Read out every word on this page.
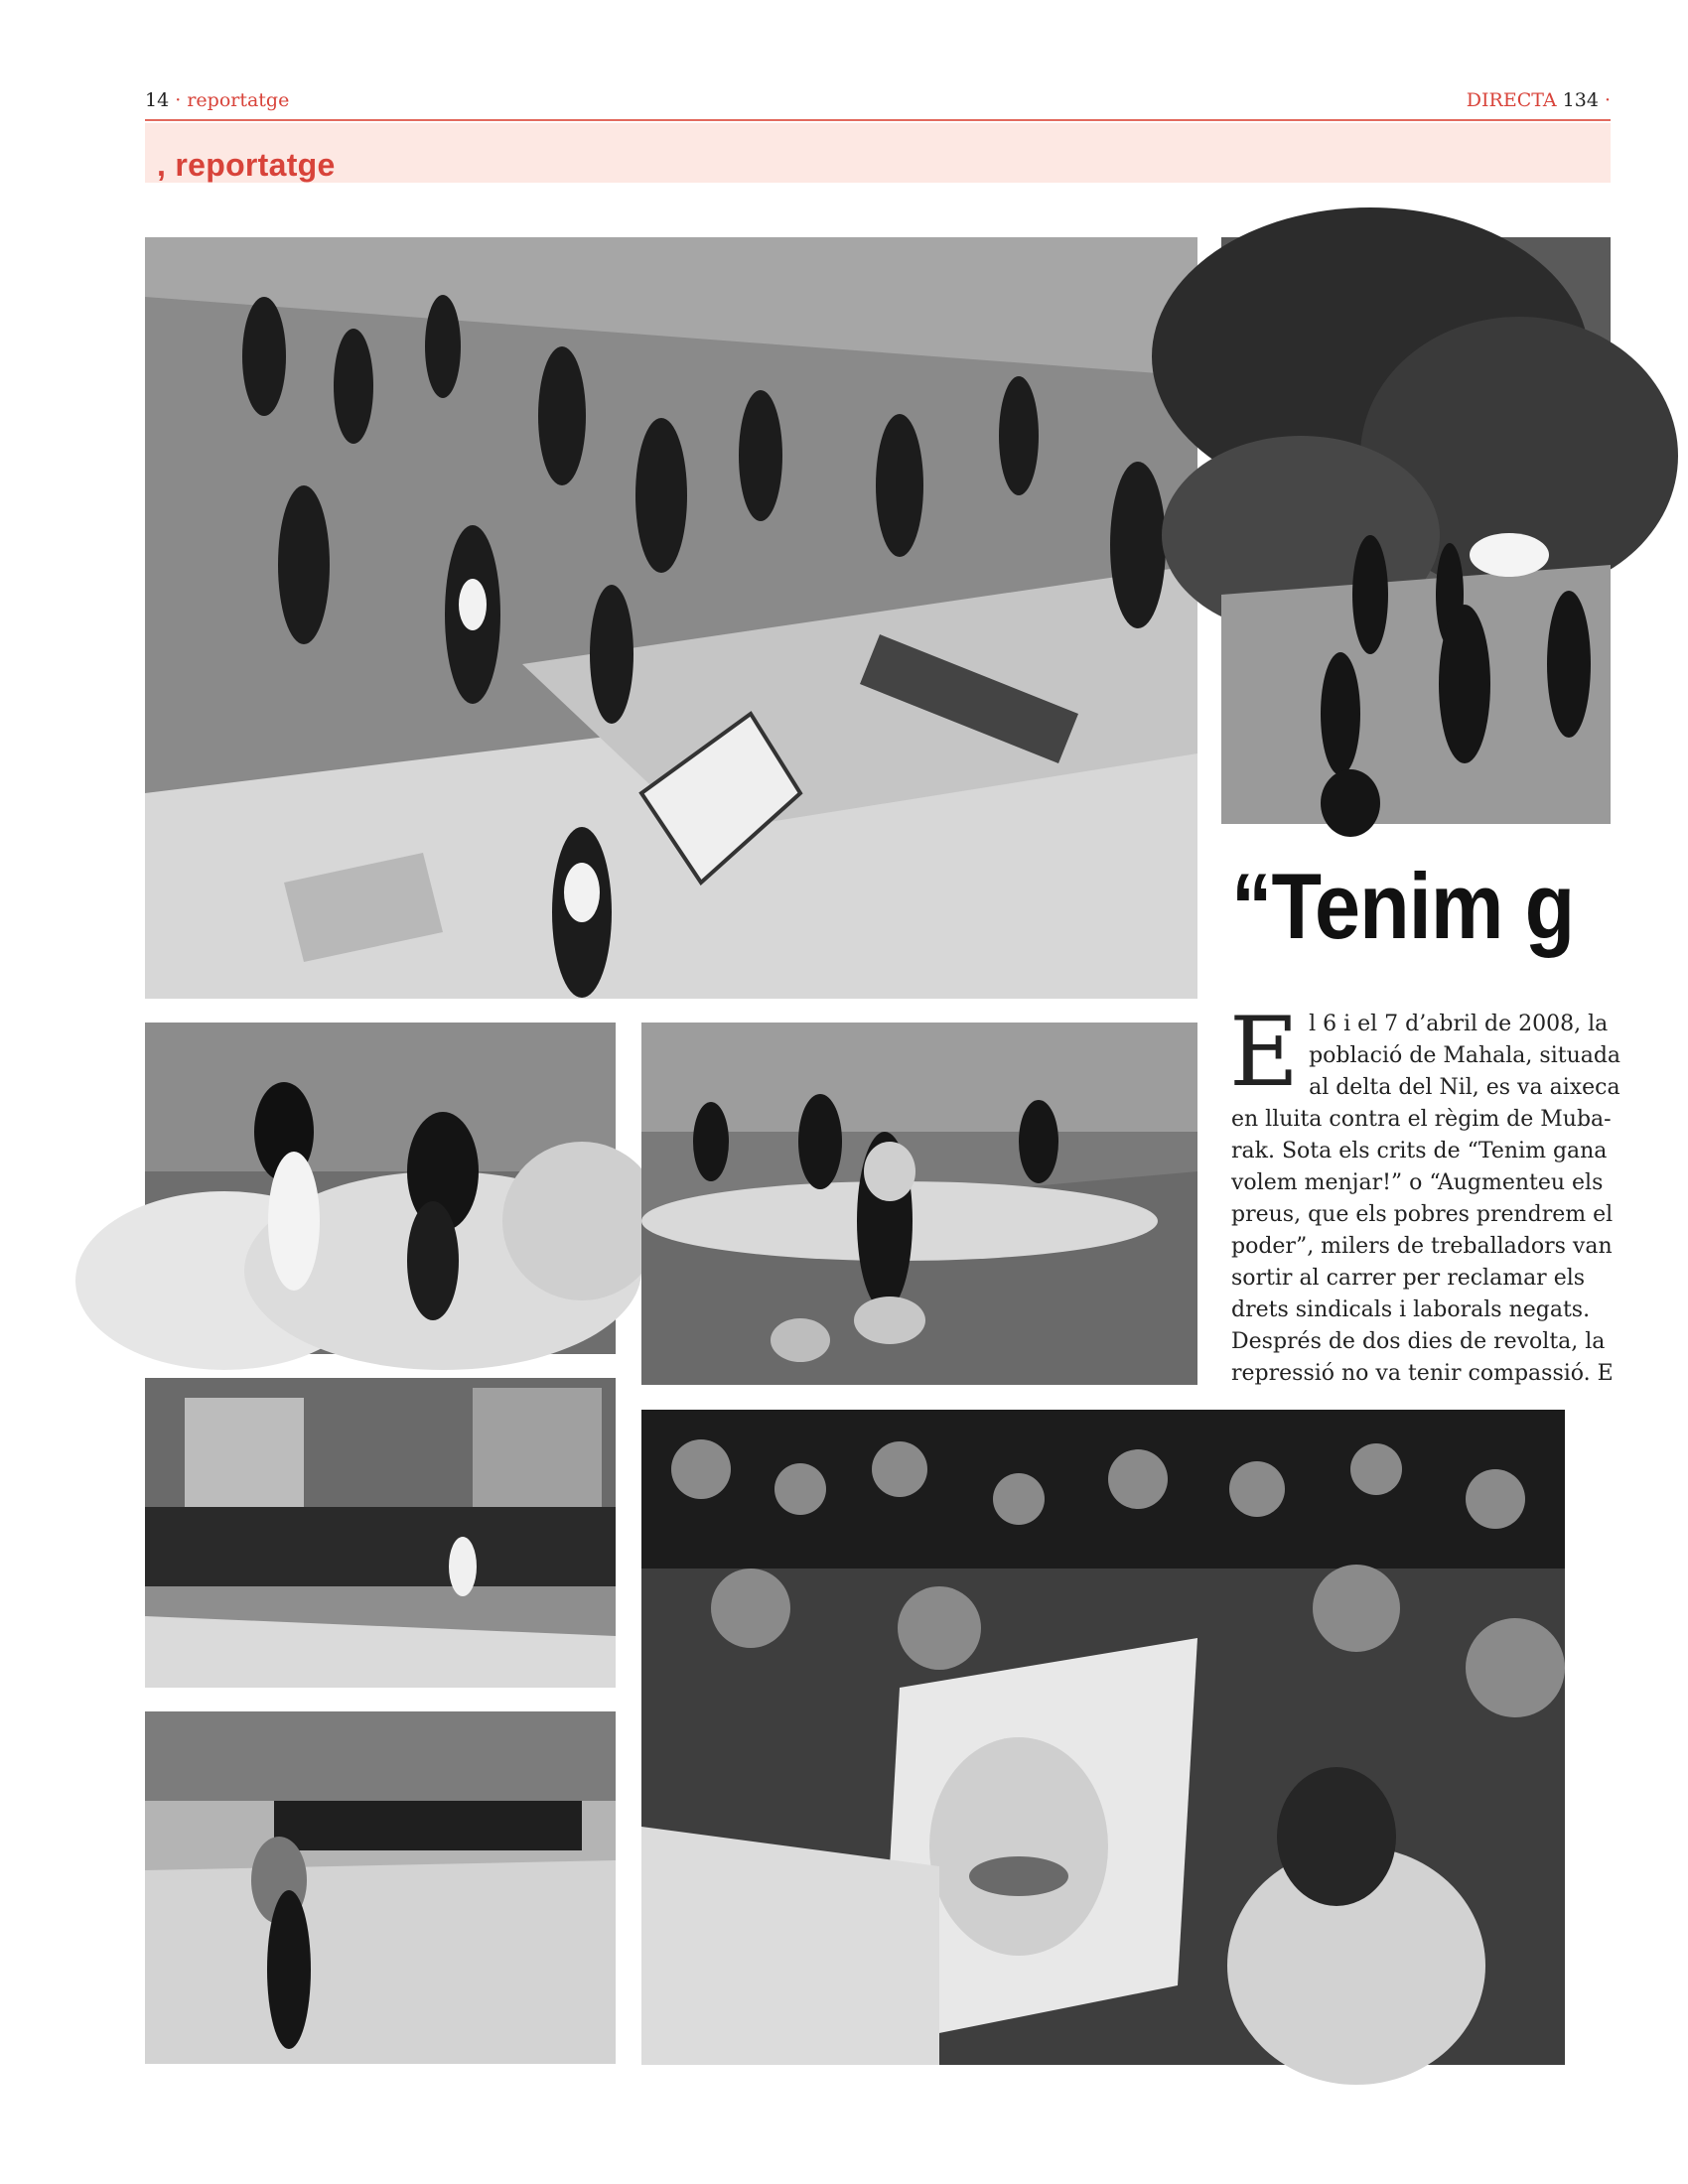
14 · reportatge	DIRECTA 134 ·
, reportatge
“Tenim g
E l 6 i el 7 d’abril de 2008, la
població de Mahala, situada
al delta del Nil, es va aixeca
en lluita contra el règim de Muba-
rak. Sota els crits de “Tenim gana
volem menjar!” o “Augmenteu els
preus, que els pobres prendrem el
poder”, milers de treballadors van
sortir al carrer per reclamar els
drets sindicals i laborals negats.
Després de dos dies de revolta, la
repressió no va tenir compassió. E
